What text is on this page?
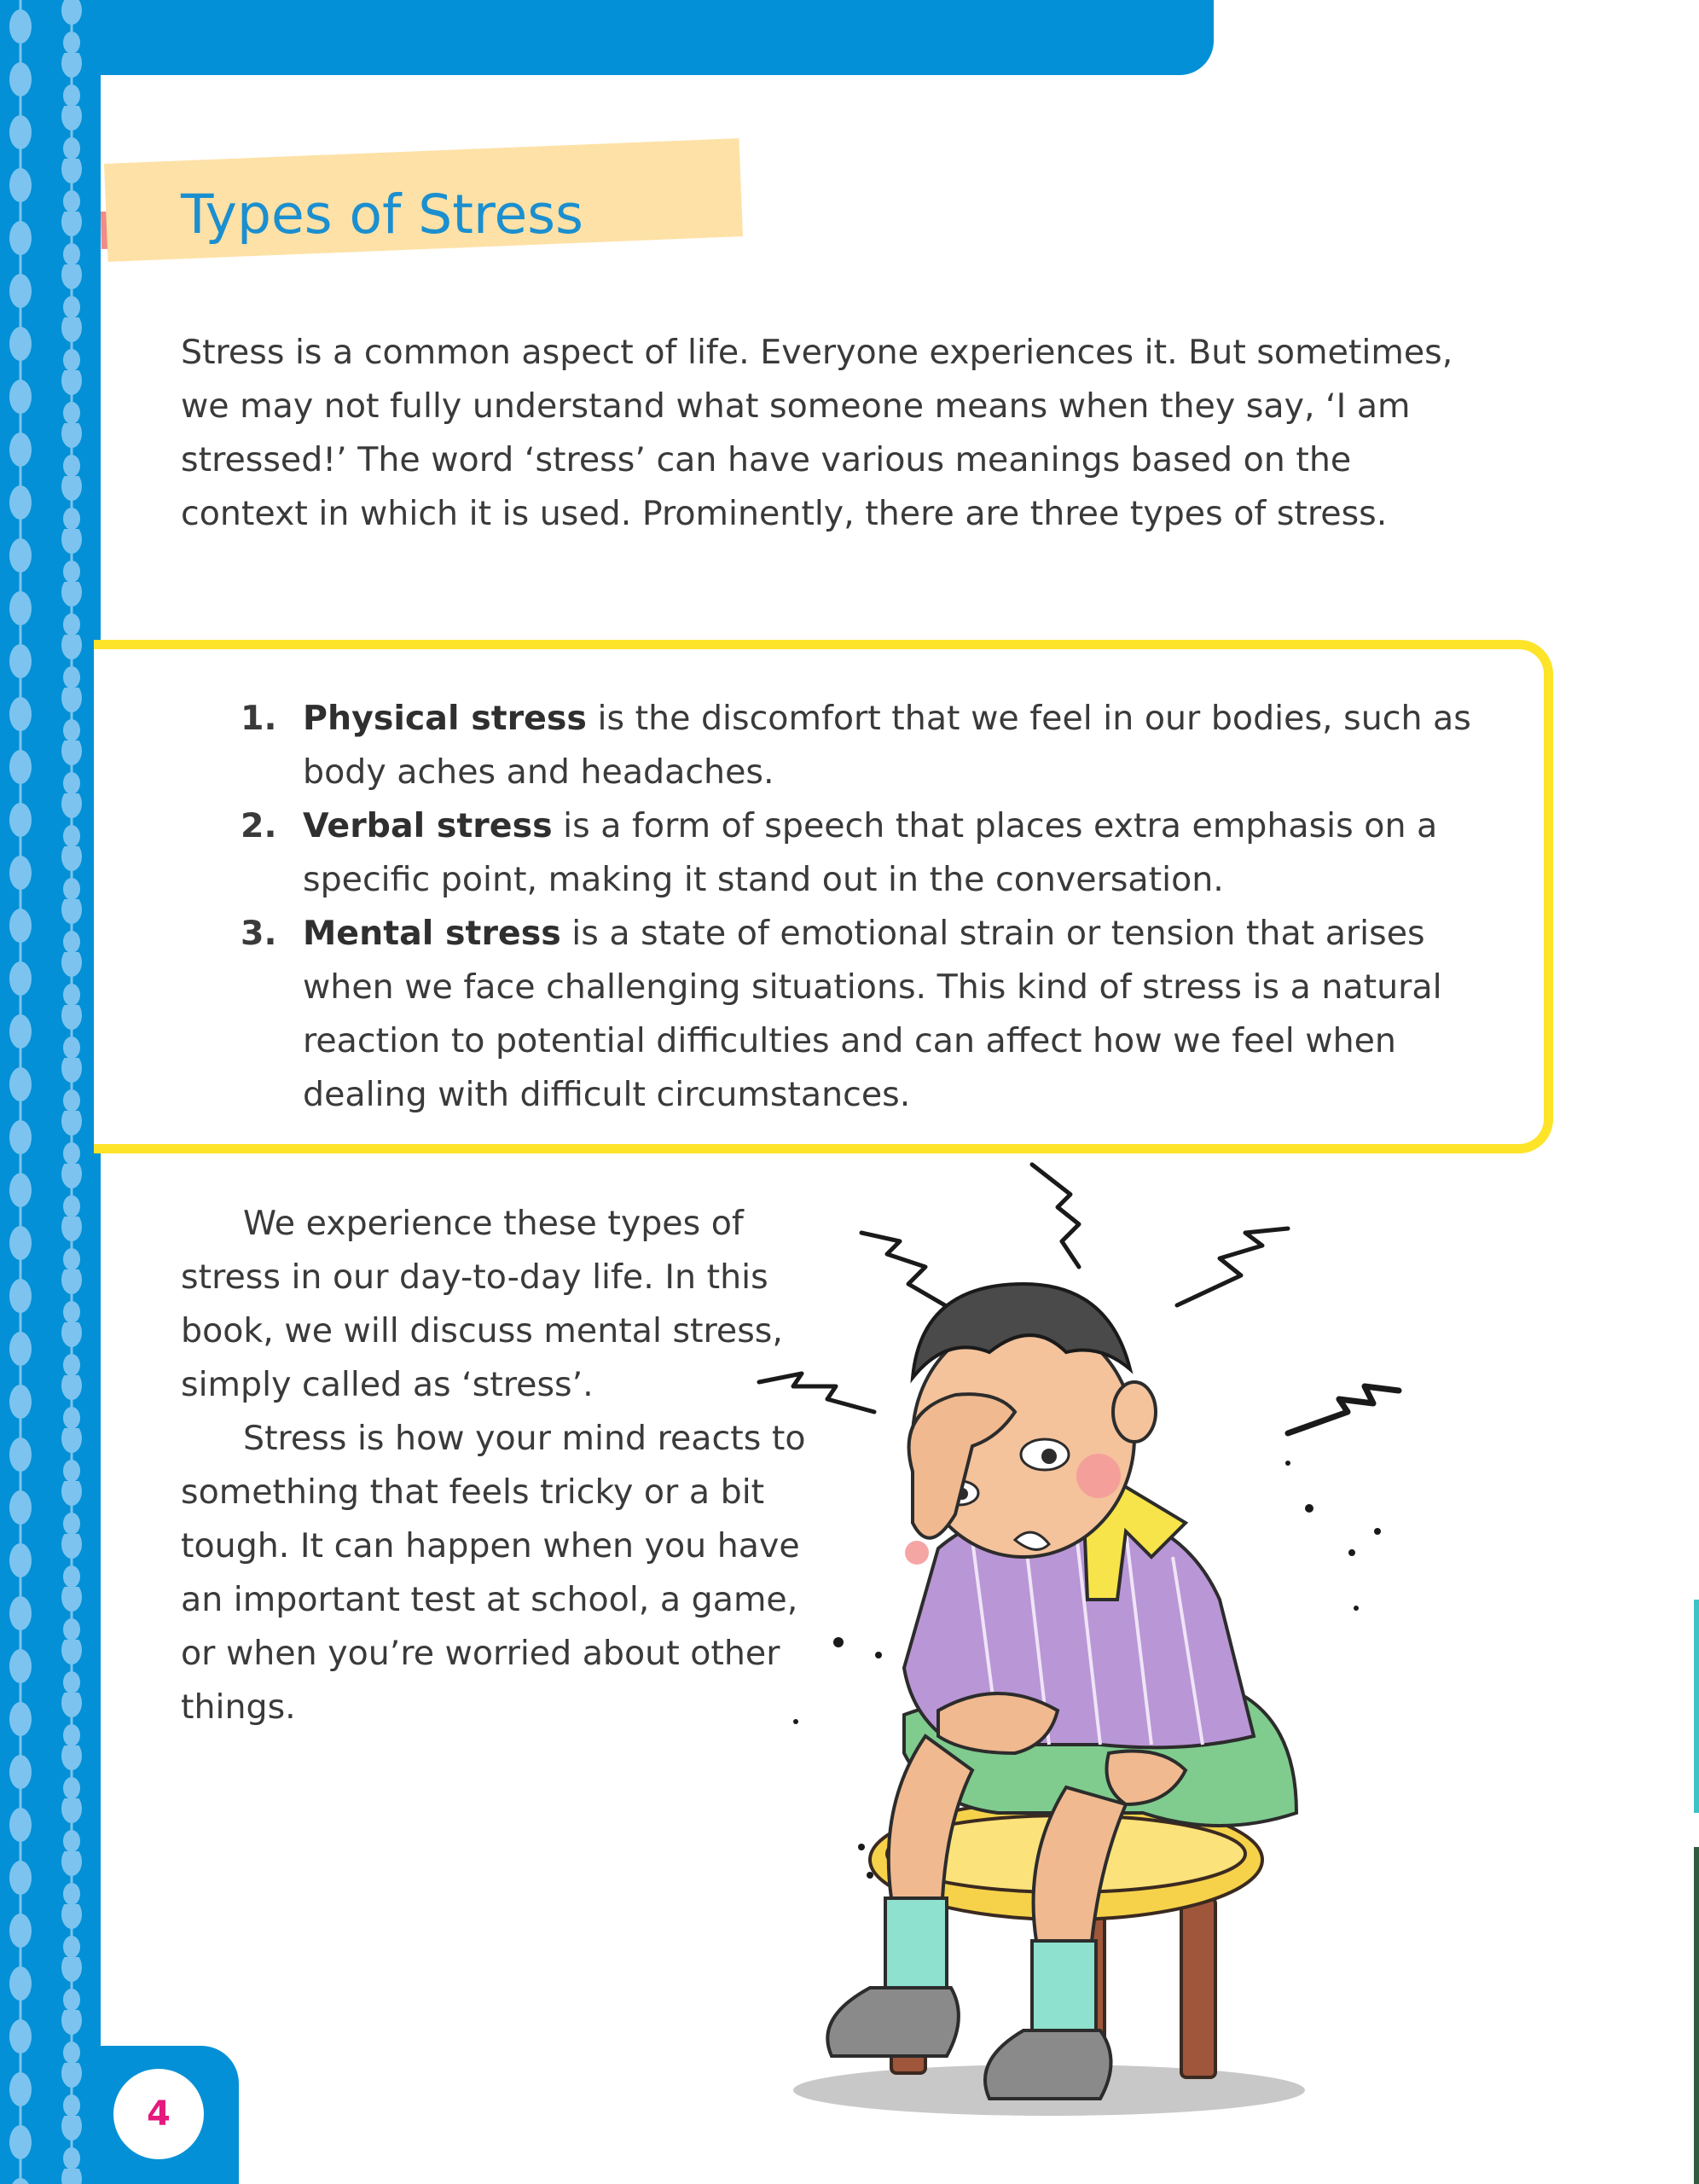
Types of Stress

Stress is a common aspect of life. Everyone experiences it. But sometimes, we may not fully understand what someone means when they say, ‘I am stressed!’ The word ‘stress’ can have various meanings based on the context in which it is used. Prominently, there are three types of stress.

1. Physical stress is the discomfort that we feel in our bodies, such as body aches and headaches.
2. Verbal stress is a form of speech that places extra emphasis on a specific point, making it stand out in the conversation.
3. Mental stress is a state of emotional strain or tension that arises when we face challenging situations. This kind of stress is a natural reaction to potential difficulties and can affect how we feel when dealing with difficult circumstances.

We experience these types of stress in our day-to-day life. In this book, we will discuss mental stress, simply called as ‘stress’.

Stress is how your mind reacts to something that feels tricky or a bit tough. It can happen when you have an important test at school, a game, or when you’re worried about other things.

4
